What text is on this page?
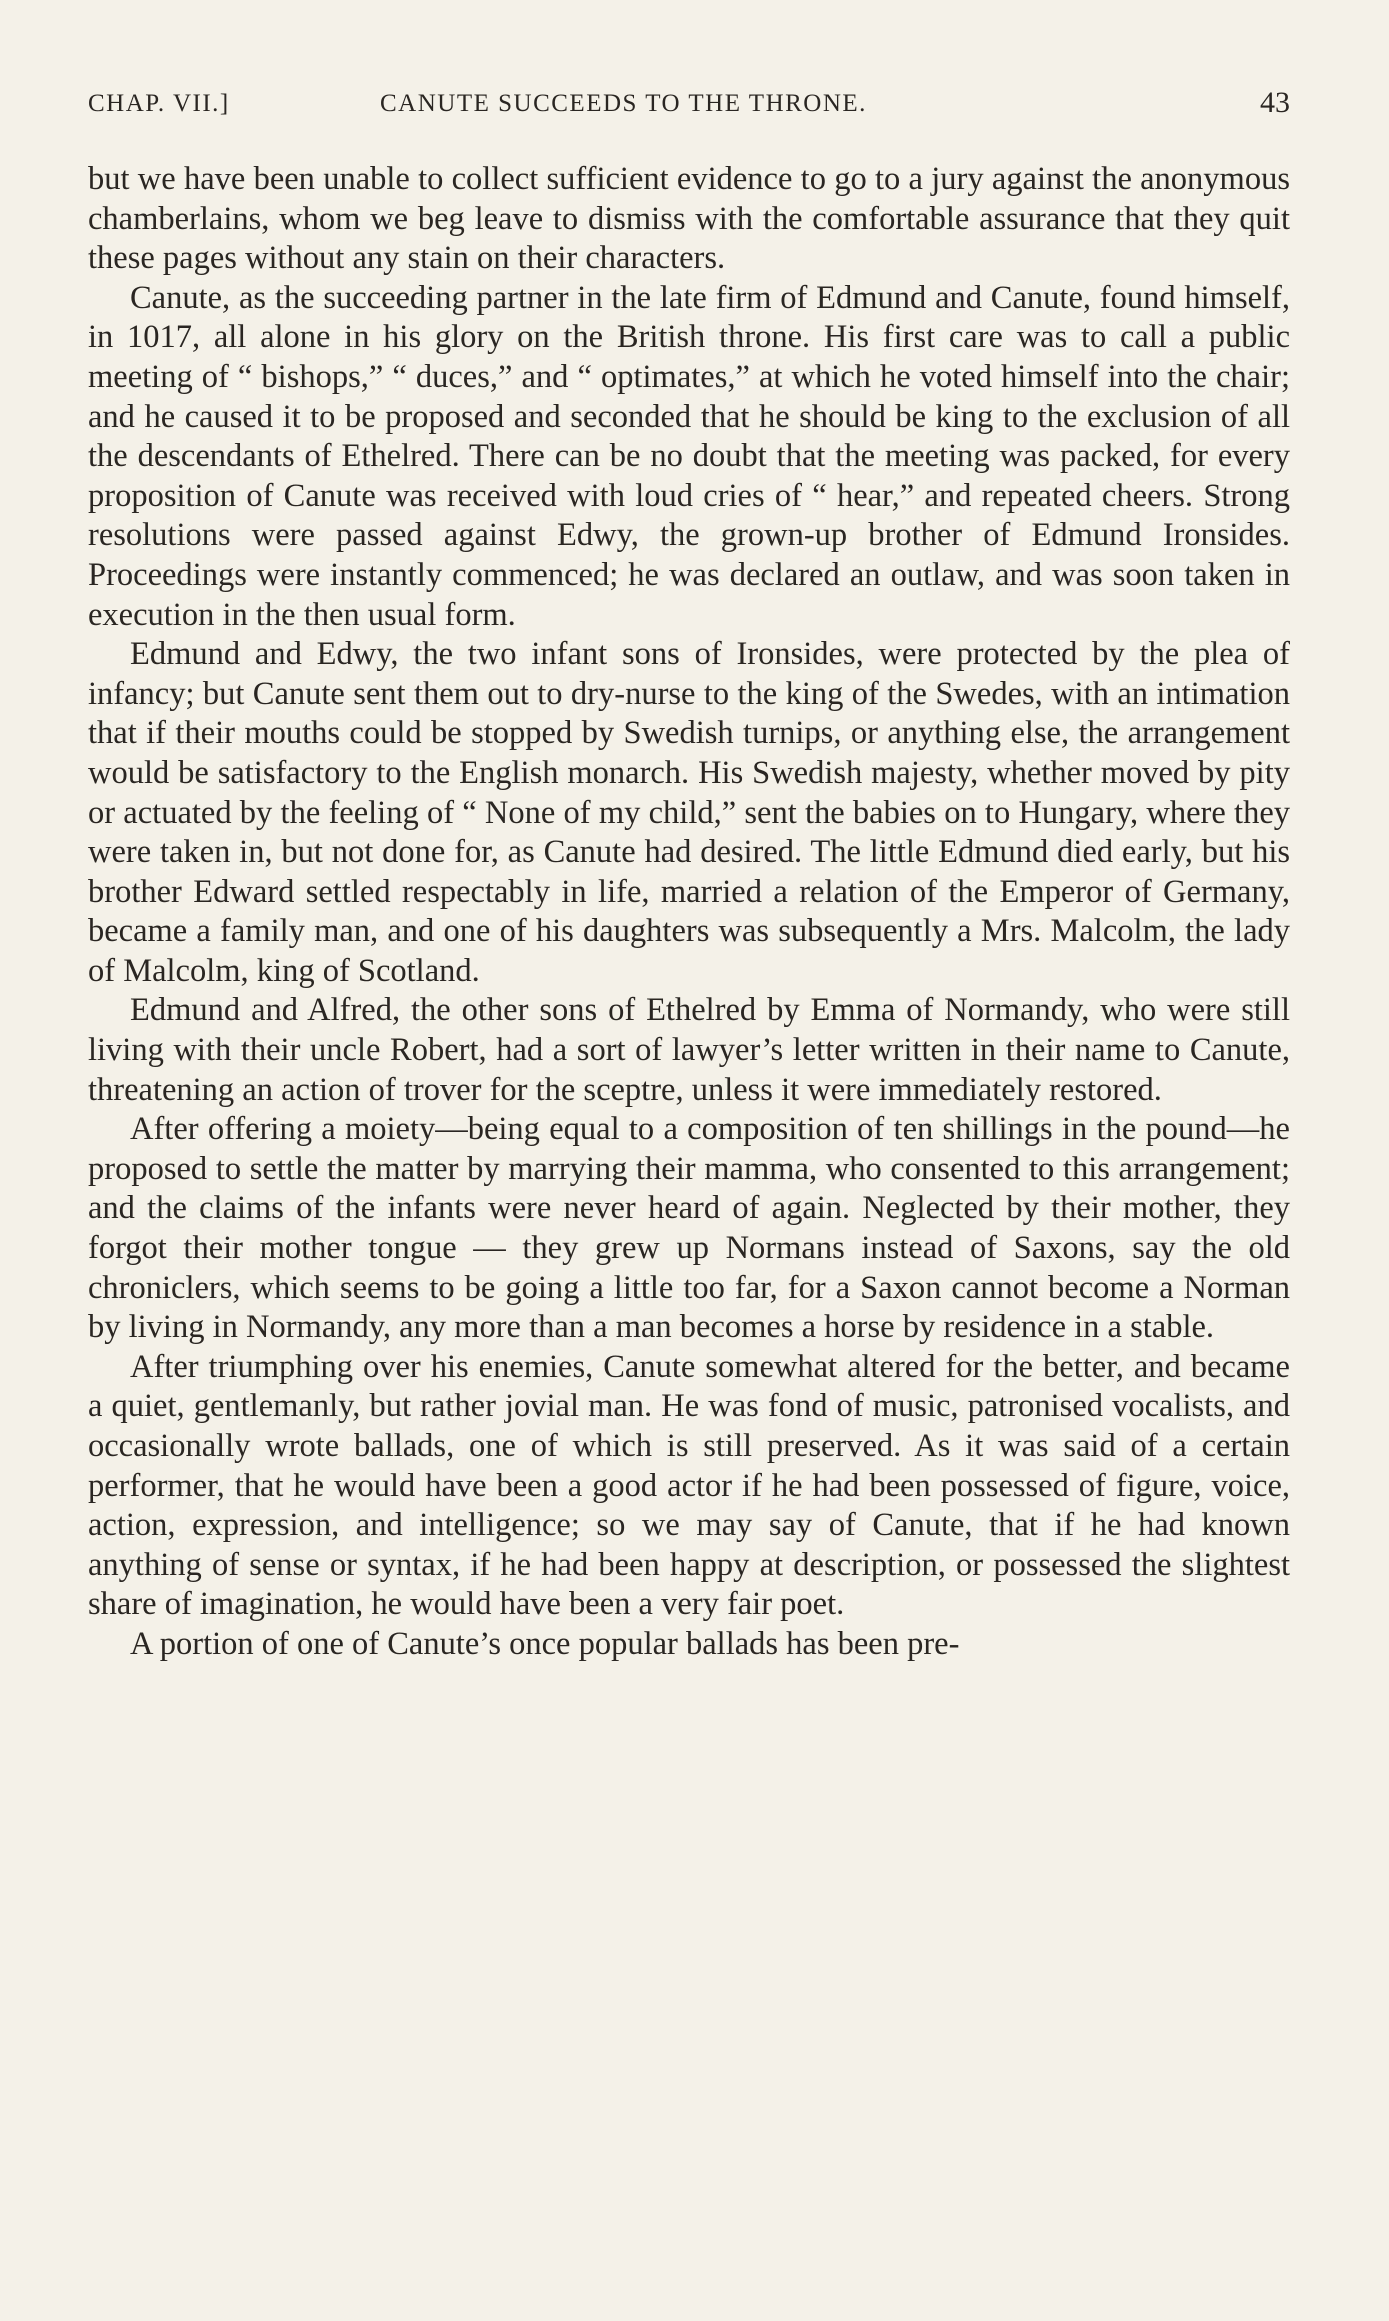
CHAP. VII.]	CANUTE SUCCEEDS TO THE THRONE.	43

but we have been unable to collect sufficient evidence to go to a jury against the anonymous chamberlains, whom we beg leave to dismiss with the comfortable assurance that they quit these pages without any stain on their characters.

Canute, as the succeeding partner in the late firm of Edmund and Canute, found himself, in 1017, all alone in his glory on the British throne. His first care was to call a public meeting of “ bishops,” “ duces,” and “ optimates,” at which he voted himself into the chair; and he caused it to be proposed and seconded that he should be king to the exclusion of all the descendants of Ethelred. There can be no doubt that the meeting was packed, for every proposition of Canute was received with loud cries of “ hear,” and repeated cheers. Strong resolutions were passed against Edwy, the grown-up brother of Edmund Ironsides. Proceedings were instantly commenced; he was declared an outlaw, and was soon taken in execution in the then usual form.

Edmund and Edwy, the two infant sons of Ironsides, were protected by the plea of infancy; but Canute sent them out to dry-nurse to the king of the Swedes, with an intimation that if their mouths could be stopped by Swedish turnips, or anything else, the arrangement would be satisfactory to the English monarch. His Swedish majesty, whether moved by pity or actuated by the feeling of “ None of my child,” sent the babies on to Hungary, where they were taken in, but not done for, as Canute had desired. The little Edmund died early, but his brother Edward settled respectably in life, married a relation of the Emperor of Germany, became a family man, and one of his daughters was subsequently a Mrs. Malcolm, the lady of Malcolm, king of Scotland.

Edmund and Alfred, the other sons of Ethelred by Emma of Normandy, who were still living with their uncle Robert, had a sort of lawyer’s letter written in their name to Canute, threatening an action of trover for the sceptre, unless it were immediately restored.

After offering a moiety—being equal to a composition of ten shillings in the pound—he proposed to settle the matter by marrying their mamma, who consented to this arrangement; and the claims of the infants were never heard of again. Neglected by their mother, they forgot their mother tongue — they grew up Normans instead of Saxons, say the old chroniclers, which seems to be going a little too far, for a Saxon cannot become a Norman by living in Normandy, any more than a man becomes a horse by residence in a stable.

After triumphing over his enemies, Canute somewhat altered for the better, and became a quiet, gentlemanly, but rather jovial man. He was fond of music, patronised vocalists, and occasionally wrote ballads, one of which is still preserved. As it was said of a certain performer, that he would have been a good actor if he had been possessed of figure, voice, action, expression, and intelligence; so we may say of Canute, that if he had known anything of sense or syntax, if he had been happy at description, or possessed the slightest share of imagination, he would have been a very fair poet.

A portion of one of Canute’s once popular ballads has been pre-
